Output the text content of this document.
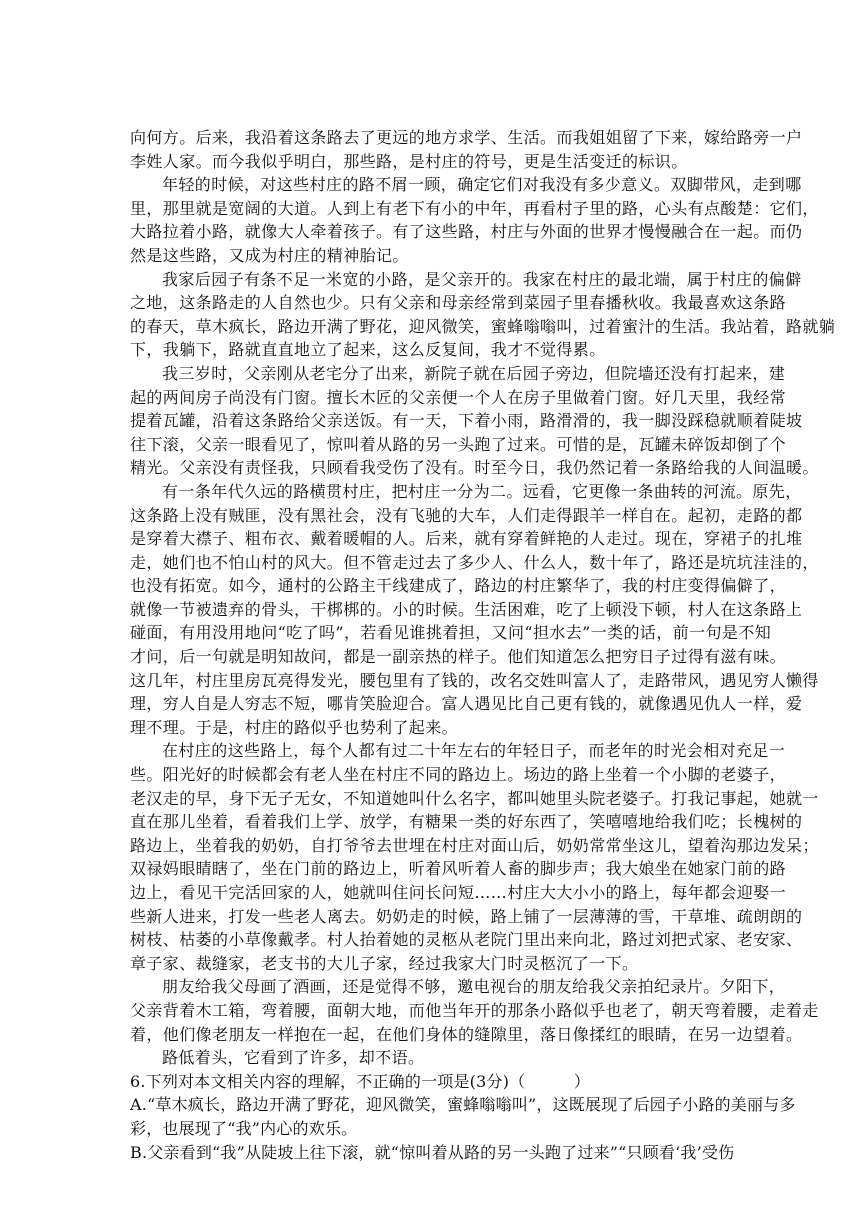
向何方。后来，我沿着这条路去了更远的地方求学、生活。而我姐姐留了下来，嫁给路旁一户
李姓人家。而今我似乎明白，那些路，是村庄的符号，更是生活变迁的标识。
年轻的时候，对这些村庄的路不屑一顾，确定它们对我没有多少意义。双脚带风，走到哪
里，那里就是宽阔的大道。人到上有老下有小的中年，再看村子里的路，心头有点酸楚：它们，
大路拉着小路，就像大人牵着孩子。有了这些路，村庄与外面的世界才慢慢融合在一起。而仍
然是这些路，又成为村庄的精神胎记。
我家后园子有条不足一米宽的小路，是父亲开的。我家在村庄的最北端，属于村庄的偏僻
之地，这条路走的人自然也少。只有父亲和母亲经常到菜园子里春播秋收。我最喜欢这条路
的春天，草木疯长，路边开满了野花，迎风微笑，蜜蜂嗡嗡叫，过着蜜汁的生活。我站着，路就躺
下，我躺下，路就直直地立了起来，这么反复间，我才不觉得累。
我三岁时，父亲刚从老宅分了出来，新院子就在后园子旁边，但院墙还没有打起来，建
起的两间房子尚没有门窗。擅长木匠的父亲便一个人在房子里做着门窗。好几天里，我经常
提着瓦罐，沿着这条路给父亲送饭。有一天，下着小雨，路滑滑的，我一脚没踩稳就顺着陡坡
往下滚，父亲一眼看见了，惊叫着从路的另一头跑了过来。可惜的是，瓦罐未碎饭却倒了个
精光。父亲没有责怪我，只顾看我受伤了没有。时至今日，我仍然记着一条路给我的人间温暖。
有一条年代久远的路横贯村庄，把村庄一分为二。远看，它更像一条曲转的河流。原先，
这条路上没有贼匪，没有黑社会，没有飞驰的大车，人们走得跟羊一样自在。起初，走路的都
是穿着大襟子、粗布衣、戴着暖帽的人。后来，就有穿着鲜艳的人走过。现在，穿裙子的扎堆
走，她们也不怕山村的风大。但不管走过去了多少人、什么人，数十年了，路还是坑坑洼洼的，
也没有拓宽。如今，通村的公路主干线建成了，路边的村庄繁华了，我的村庄变得偏僻了，
就像一节被遗弃的骨头，干梆梆的。小的时候。生活困难，吃了上顿没下顿，村人在这条路上
碰面，有用没用地问“吃了吗”，若看见谁挑着担，又问“担水去”一类的话，前一句是不知
才问，后一句就是明知故问，都是一副亲热的样子。他们知道怎么把穷日子过得有滋有味。
这几年，村庄里房瓦亮得发光，腰包里有了钱的，改名交姓叫富人了，走路带风，遇见穷人懒得
理，穷人自是人穷志不短，哪肯笑脸迎合。富人遇见比自己更有钱的，就像遇见仇人一样，爱
理不理。于是，村庄的路似乎也势利了起来。
在村庄的这些路上，每个人都有过二十年左右的年轻日子，而老年的时光会相对充足一
些。阳光好的时候都会有老人坐在村庄不同的路边上。场边的路上坐着一个小脚的老婆子，
老汉走的早，身下无子无女，不知道她叫什么名字，都叫她里头院老婆子。打我记事起，她就一
直在那儿坐着，看着我们上学、放学，有糖果一类的好东西了，笑嘻嘻地给我们吃；长槐树的
路边上，坐着我的奶奶，自打爷爷去世埋在村庄对面山后，奶奶常常坐这儿，望着沟那边发呆；
双禄妈眼睛瞎了，坐在门前的路边上，听着风听着人畜的脚步声；我大娘坐在她家门前的路
边上，看见干完活回家的人，她就叫住问长问短……村庄大大小小的路上，每年都会迎娶一
些新人进来，打发一些老人离去。奶奶走的时候，路上铺了一层薄薄的雪，干草堆、疏朗朗的
树枝、枯萎的小草像戴孝。村人抬着她的灵柩从老院门里出来向北，路过刘把式家、老安家、
章子家、裁缝家，老支书的大儿子家，经过我家大门时灵柩沉了一下。
朋友给我父母画了酒画，还是觉得不够，邀电视台的朋友给我父亲拍纪录片。夕阳下，
父亲背着木工箱，弯着腰，面朝大地，而他当年开的那条小路似乎也老了，朝天弯着腰，走着走
着，他们像老朋友一样抱在一起，在他们身体的缝隙里，落日像揉红的眼睛，在另一边望着。
路低着头，它看到了许多，却不语。
6.下列对本文相关内容的理解，不正确的一项是(3分)（　　　）
A.“草木疯长，路边开满了野花，迎风微笑，蜜蜂嗡嗡叫”，这既展现了后园子小路的美丽与多
彩，也展现了“我”内心的欢乐。
B.父亲看到“我”从陡坡上往下滚，就“惊叫着从路的另一头跑了过来”“只顾看‘我’受伤
